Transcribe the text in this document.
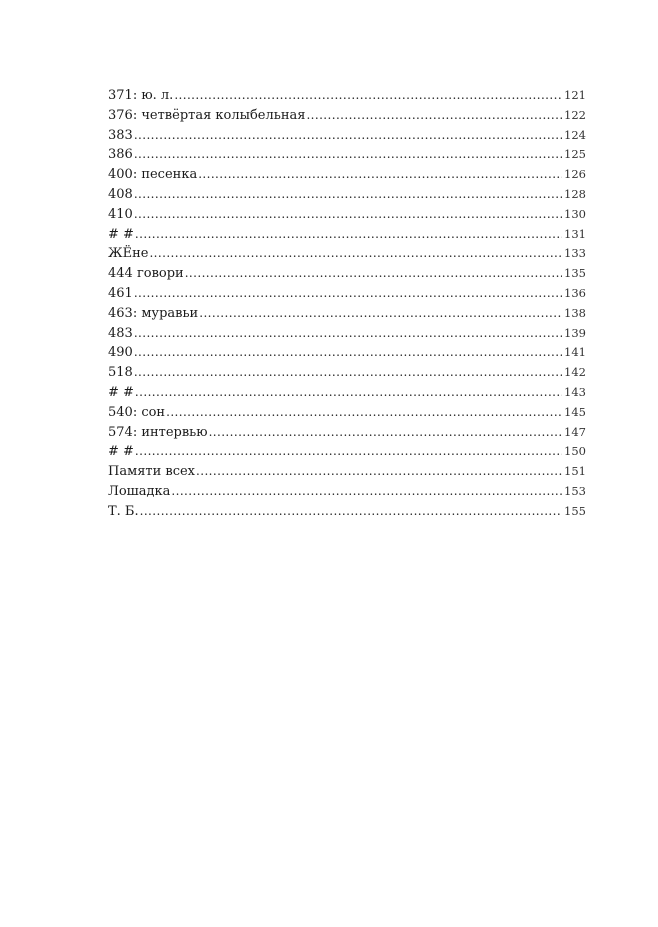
371: ю. л. .....	121
376: четвёртая колыбельная .....	122
383 .....	124
386 .....	125
400: песенка .....	126
408 .....	128
410 .....	130
# # .....	131
ЖЁне .....	133
444 говори .....	135
461 .....	136
463: муравьи .....	138
483 .....	139
490 .....	141
518 .....	142
# # .....	143
540: сон .....	145
574: интервью .....	147
# # .....	150
Памяти всех .....	151
Лошадка .....	153
Т. Б. .....	155
